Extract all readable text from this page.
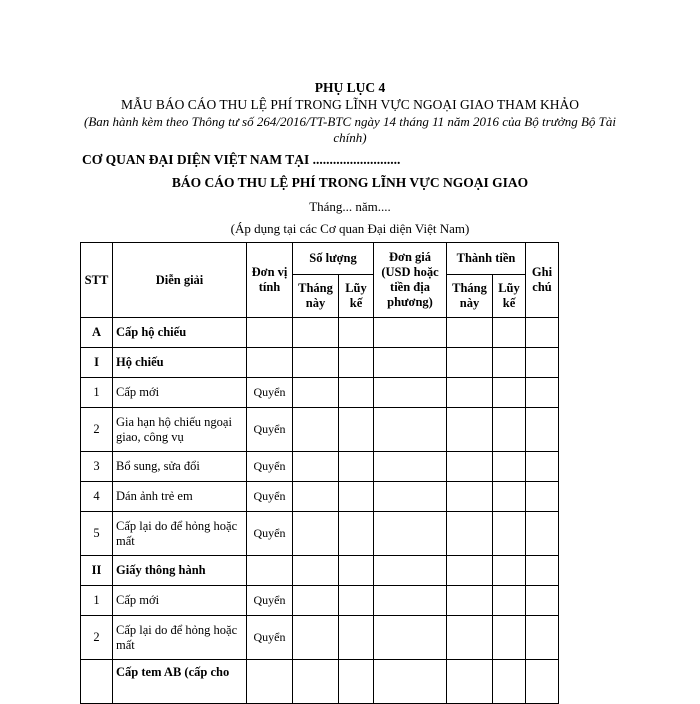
PHỤ LỤC 4
MẪU BÁO CÁO THU LỆ PHÍ TRONG LĨNH VỰC NGOẠI GIAO THAM KHẢO
(Ban hành kèm theo Thông tư số 264/2016/TT-BTC ngày 14 tháng 11 năm 2016 của Bộ trưởng Bộ Tài chính)
CƠ QUAN ĐẠI DIỆN VIỆT NAM TẠI ..........................
BÁO CÁO THU LỆ PHÍ TRONG LĨNH VỰC NGOẠI GIAO
Tháng... năm....
(Áp dụng tại các Cơ quan Đại diện Việt Nam)
STT	Diễn giải	Đơn vị tính	Số lượng		Đơn giá (USD hoặc tiền địa phương)	Thành tiền		Ghi chú
			Tháng này	Lũy kế		Tháng này	Lũy kế	
A	Cấp hộ chiếu							
I	Hộ chiếu							
1	Cấp mới	Quyển						
2	Gia hạn hộ chiếu ngoại giao, công vụ	Quyển						
3	Bổ sung, sửa đổi	Quyển						
4	Dán ảnh trẻ em	Quyển						
5	Cấp lại do để hỏng hoặc mất	Quyển						
II	Giấy thông hành							
1	Cấp mới	Quyển						
2	Cấp lại do để hỏng hoặc mất	Quyển						
	Cấp tem AB (cấp cho							
